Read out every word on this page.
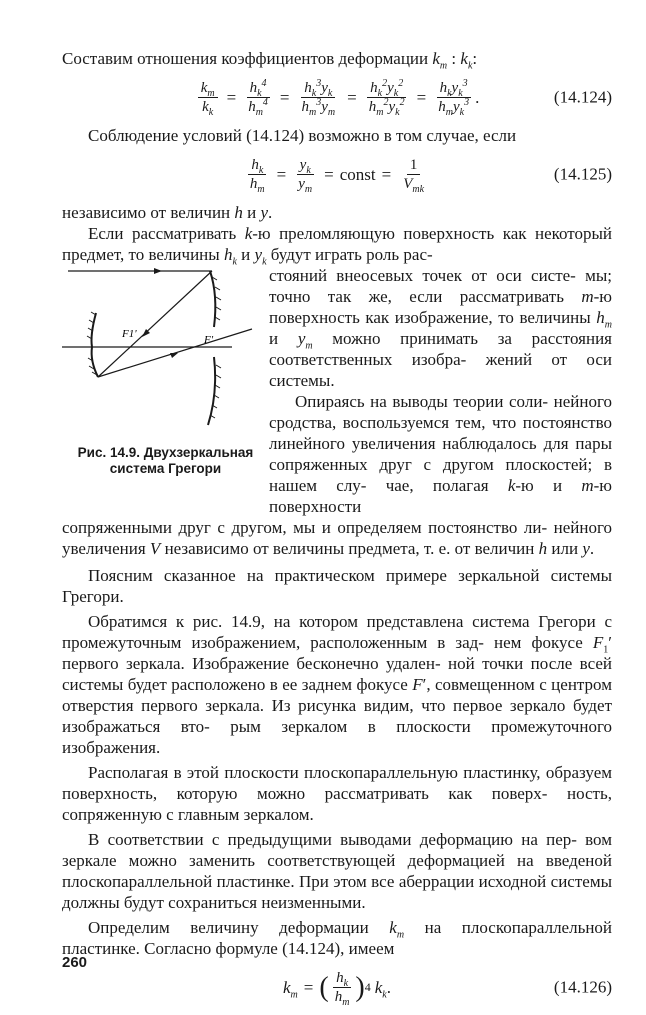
Составим отношения коэффициентов деформации $k_m$ : $k_k$:

$\frac{k_m}{k_k} = \frac{h_k^4}{h_m^4} = \frac{h_k^3y_k}{h_m^3y_m} = \frac{h_k^2y_k^2}{h_m^2y_k^2} = \frac{h_ky_k^3}{h_my_k^3}$ .	(14.124)

Соблюдение условий (14.124) возможно в том случае, если

$\frac{h_k}{h_m} = \frac{y_k}{y_m}$ = const = $\frac{1}{V_{mk}}$	(14.125)

независимо от величин h и y.

Если рассматривать k-ю преломляющую поверхность как некоторый предмет, то величины $h_k$ и $y_k$ будут играть роль рас-

F1'	F'
Рис. 14.9. Двухзеркальная система Грегори

стояний внеосевых точек от оси систе- мы; точно так же, если рассматривать m-ю поверхность как изображение, то величины $h_m$ и $y_m$ можно принимать за расстояния соответственных изобра- жений от оси системы.

Опираясь на выводы теории соли- нейного сродства, воспользуемся тем, что постоянство линейного увеличения наблюдалось для пары сопряженных друг с другом плоскостей; в нашем слу- чае, полагая k-ю и m-ю поверхности

сопряженными друг с другом, мы и определяем постоянство ли- нейного увеличения V независимо от величины предмета, т. е. от величин h или y.

Поясним сказанное на практическом примере зеркальной системы Грегори.

Обратимся к рис. 14.9, на котором представлена система Грегори с промежуточным изображением, расположенным в зад- нем фокусе $F_1'$ первого зеркала. Изображение бесконечно удален- ной точки после всей системы будет расположено в ее заднем фокусе F′, совмещенном с центром отверстия первого зеркала. Из рисунка видим, что первое зеркало будет изображаться вто- рым зеркалом в плоскости промежуточного изображения.

Располагая в этой плоскости плоскопараллельную пластинку, образуем поверхность, которую можно рассматривать как поверх- ность, сопряженную с главным зеркалом.

В соответствии с предыдущими выводами деформацию на пер- вом зеркале можно заменить соответствующей деформацией на введеной плоскопараллельной пластинке. При этом все аберрации исходной системы должны будут сохраниться неизменными.

Определим величину деформации $k_m$ на плоскопараллельной пластинке. Согласно формуле (14.124), имеем

$k_m$ = ( $\frac{h_k}{h_m}$ ) 4 $k_k$ .	(14.126)
260
